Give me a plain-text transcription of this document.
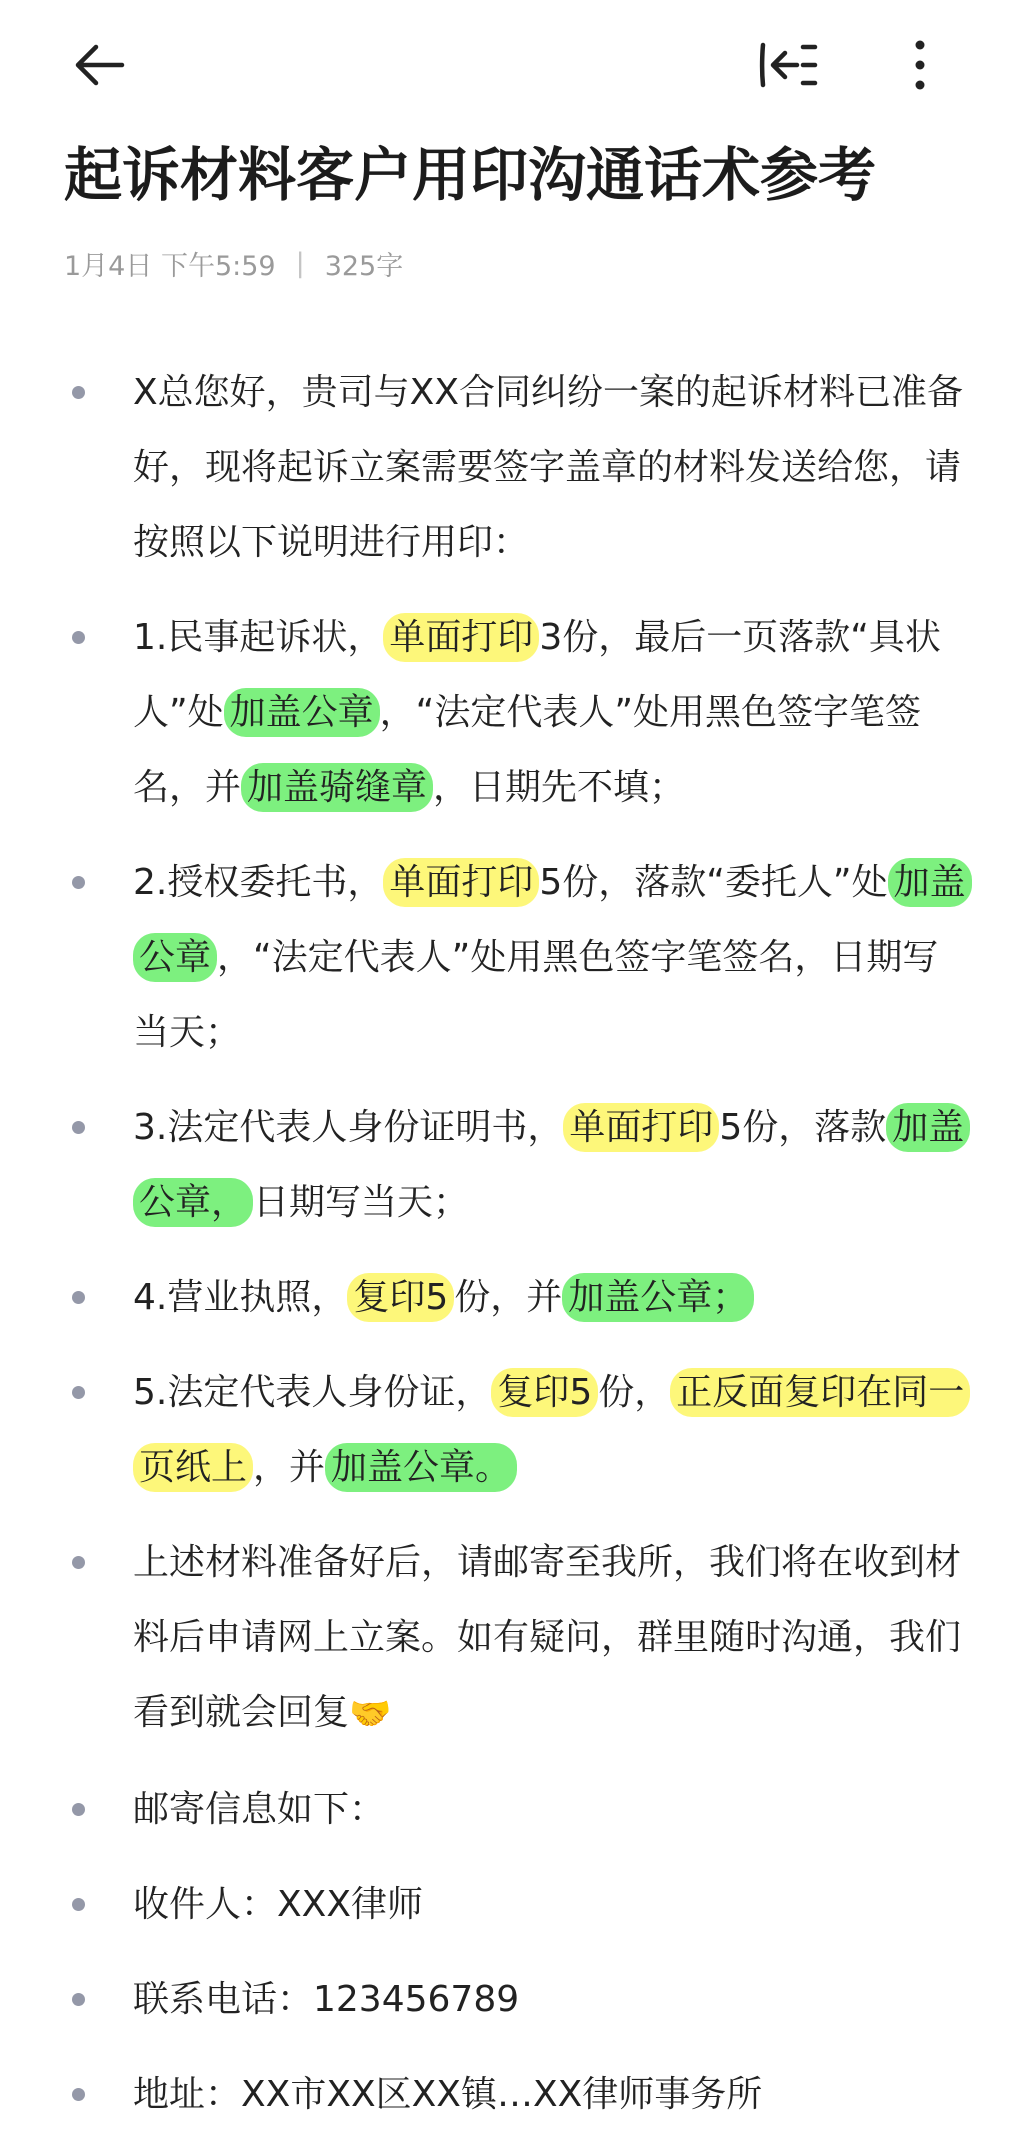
起诉材料客户用印沟通话术参考
1月4日 下午5:59 | 325字
X总您好，贵司与XX合同纠纷一案的起诉材料已准备好，现将起诉立案需要签字盖章的材料发送给您，请按照以下说明进行用印：
1.民事起诉状， 单面打印 3份，最后一页落款“具状人”处 加盖公章 ，“法定代表人”处用黑色签字笔签名，并 加盖骑缝章 ，日期先不填；
2.授权委托书， 单面打印 5份，落款“委托人”处 加盖公章 ，“法定代表人”处用黑色签字笔签名，日期写当天；
3.法定代表人身份证明书， 单面打印 5份，落款 加盖公章， 日期写当天；
4.营业执照， 复印5 份，并 加盖公章；
5.法定代表人身份证， 复印5 份， 正反面复印在同一页纸上 ，并 加盖公章。
上述材料准备好后，请邮寄至我所，我们将在收到材料后申请网上立案。如有疑问，群里随时沟通，我们看到就会回复🤝
邮寄信息如下：
收件人：XXX律师
联系电话：123456789
地址：XX市XX区XX镇…XX律师事务所
